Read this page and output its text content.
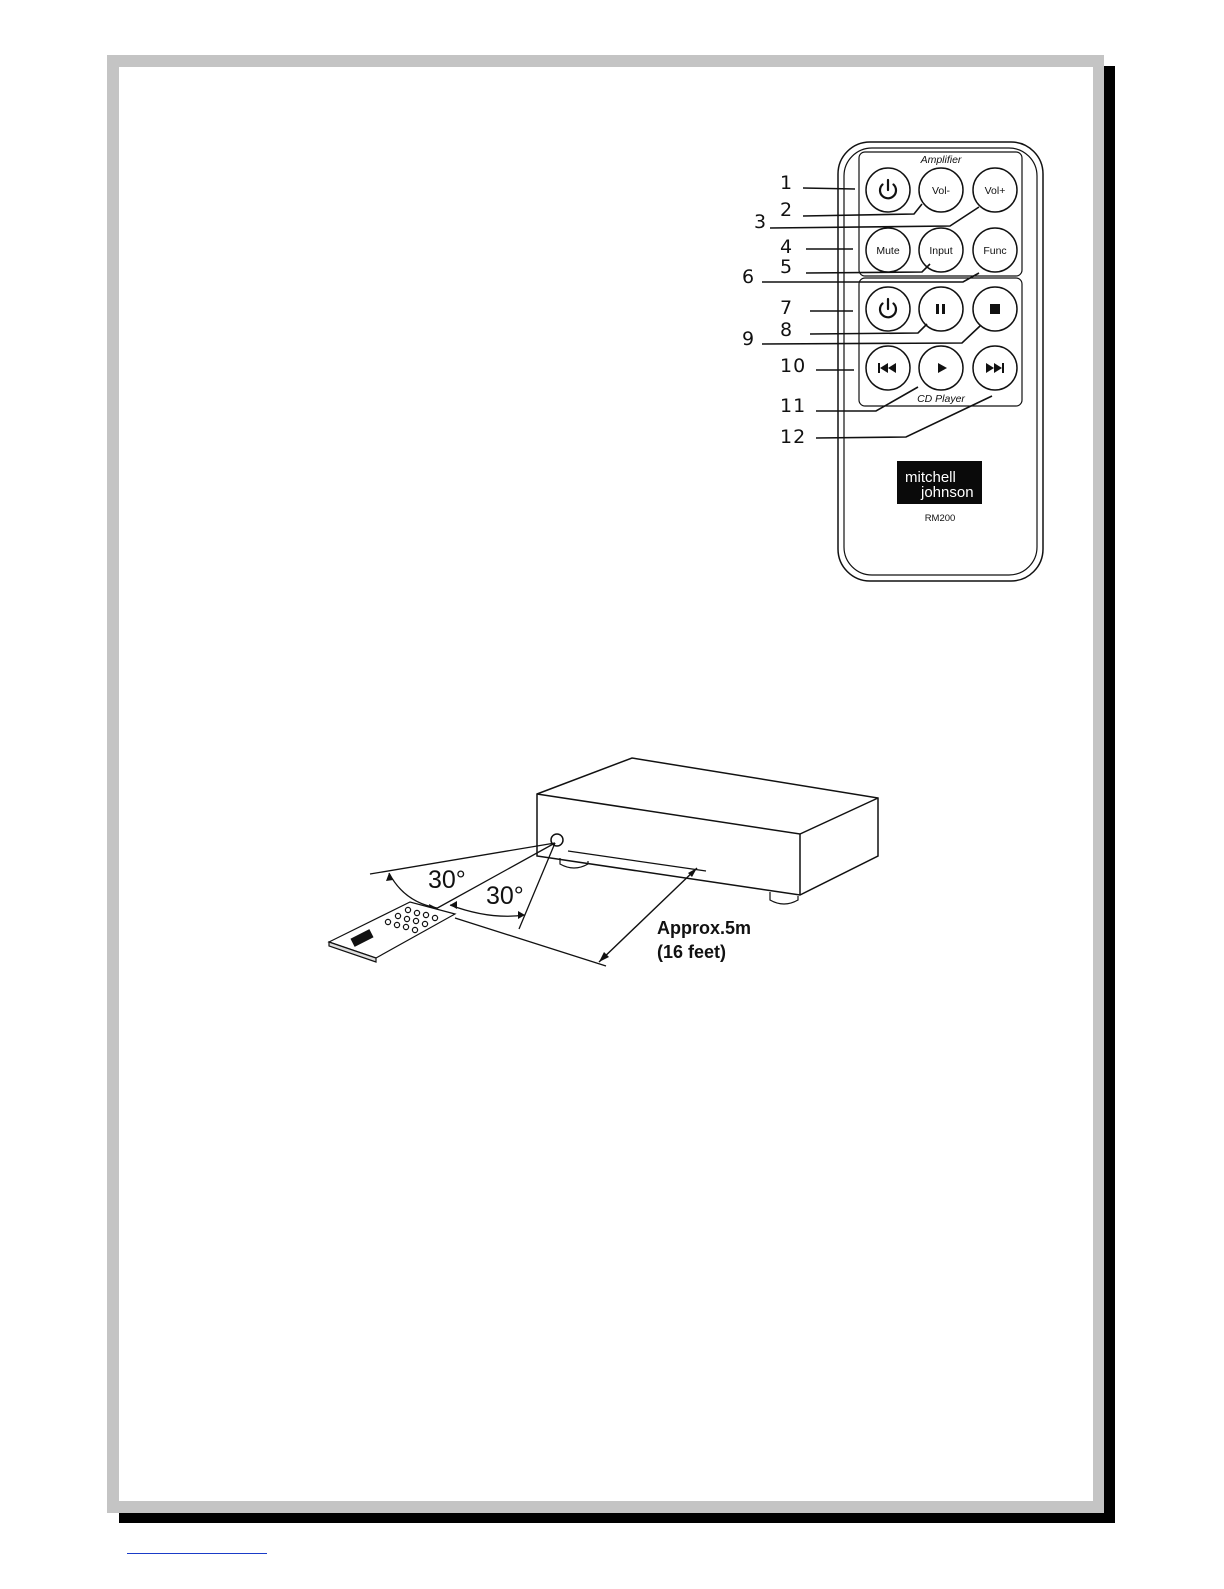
Amplifier
CD Player
Vol-	Vol+
Mute	Input	Func
mitchell
johnson
RM200
1
2
3
4
5
6
7
8
9
10
11
12
30°
30°
Approx.5m
(16 feet)
